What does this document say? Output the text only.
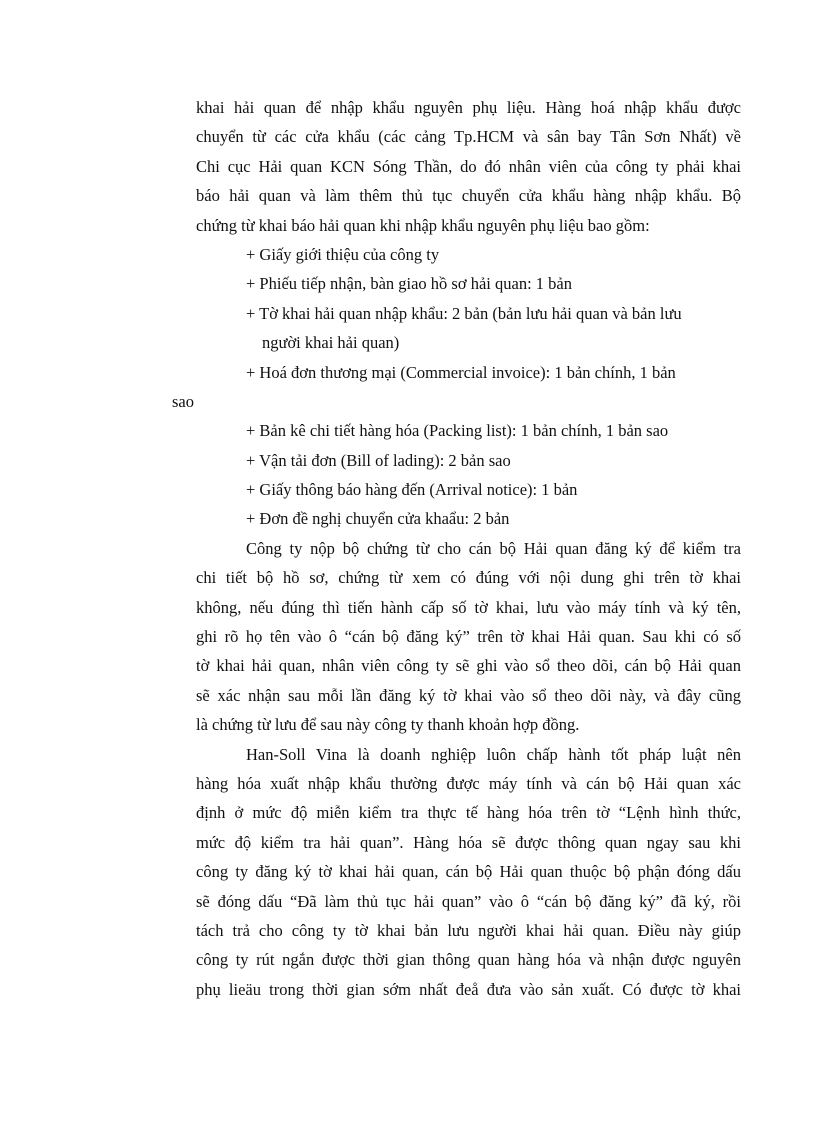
khai hải quan để nhập khẩu nguyên phụ liệu. Hàng hoá nhập khẩu được
chuyển từ các cửa khẩu (các cảng Tp.HCM và sân bay Tân Sơn Nhất) về
Chi cục Hải quan KCN Sóng Thần, do đó nhân viên của công ty phải khai
báo hải quan và làm thêm thủ tục chuyển cửa khẩu hàng nhập khẩu. Bộ
chứng từ khai báo hải quan khi nhập khẩu nguyên phụ liệu bao gồm:
+ Giấy giới thiệu của công ty
+ Phiếu tiếp nhận, bàn giao hồ sơ hải quan: 1 bản
+ Tờ khai hải quan nhập khẩu: 2 bản (bản lưu hải quan và bản lưu
người khai hải quan)
+ Hoá đơn thương mại (Commercial invoice): 1 bản chính, 1 bản
sao
+ Bản kê chi tiết hàng hóa (Packing list): 1 bản chính, 1 bản sao
+ Vận tải đơn (Bill of lading): 2 bản sao
+ Giấy thông báo hàng đến (Arrival notice): 1 bản
+ Đơn đề nghị chuyển cửa khaẩu: 2 bản
Công ty nộp bộ chứng từ cho cán bộ Hải quan đăng ký để kiểm tra
chi tiết bộ hồ sơ, chứng từ xem có đúng với nội dung ghi trên tờ khai
không, nếu đúng thì tiến hành cấp số tờ khai, lưu vào máy tính và ký tên,
ghi rõ họ tên vào ô “cán bộ đăng ký” trên tờ khai Hải quan. Sau khi có số
tờ khai hải quan, nhân viên công ty sẽ ghi vào sổ theo dõi, cán bộ Hải quan
sẽ xác nhận sau mỗi lần đăng ký tờ khai vào sổ theo dõi này, và đây cũng
là chứng từ lưu để sau này công ty thanh khoản hợp đồng.
Han-Soll Vina là doanh nghiệp luôn chấp hành tốt pháp luật nên
hàng hóa xuất nhập khẩu thường được máy tính và cán bộ Hải quan xác
định ở mức độ miễn kiểm tra thực tế hàng hóa trên tờ “Lệnh hình thức,
mức độ kiểm tra hải quan”. Hàng hóa sẽ được thông quan ngay sau khi
công ty đăng ký tờ khai hải quan, cán bộ Hải quan thuộc bộ phận đóng dấu
sẽ đóng dấu “Đã làm thủ tục hải quan” vào ô “cán bộ đăng ký” đã ký, rồi
tách trả cho công ty tờ khai bản lưu người khai hải quan. Điều này giúp
công ty rút ngắn được thời gian thông quan hàng hóa và nhận được nguyên
phụ lieäu trong thời gian sớm nhất đeå đưa vào sản xuất. Có được tờ khai
